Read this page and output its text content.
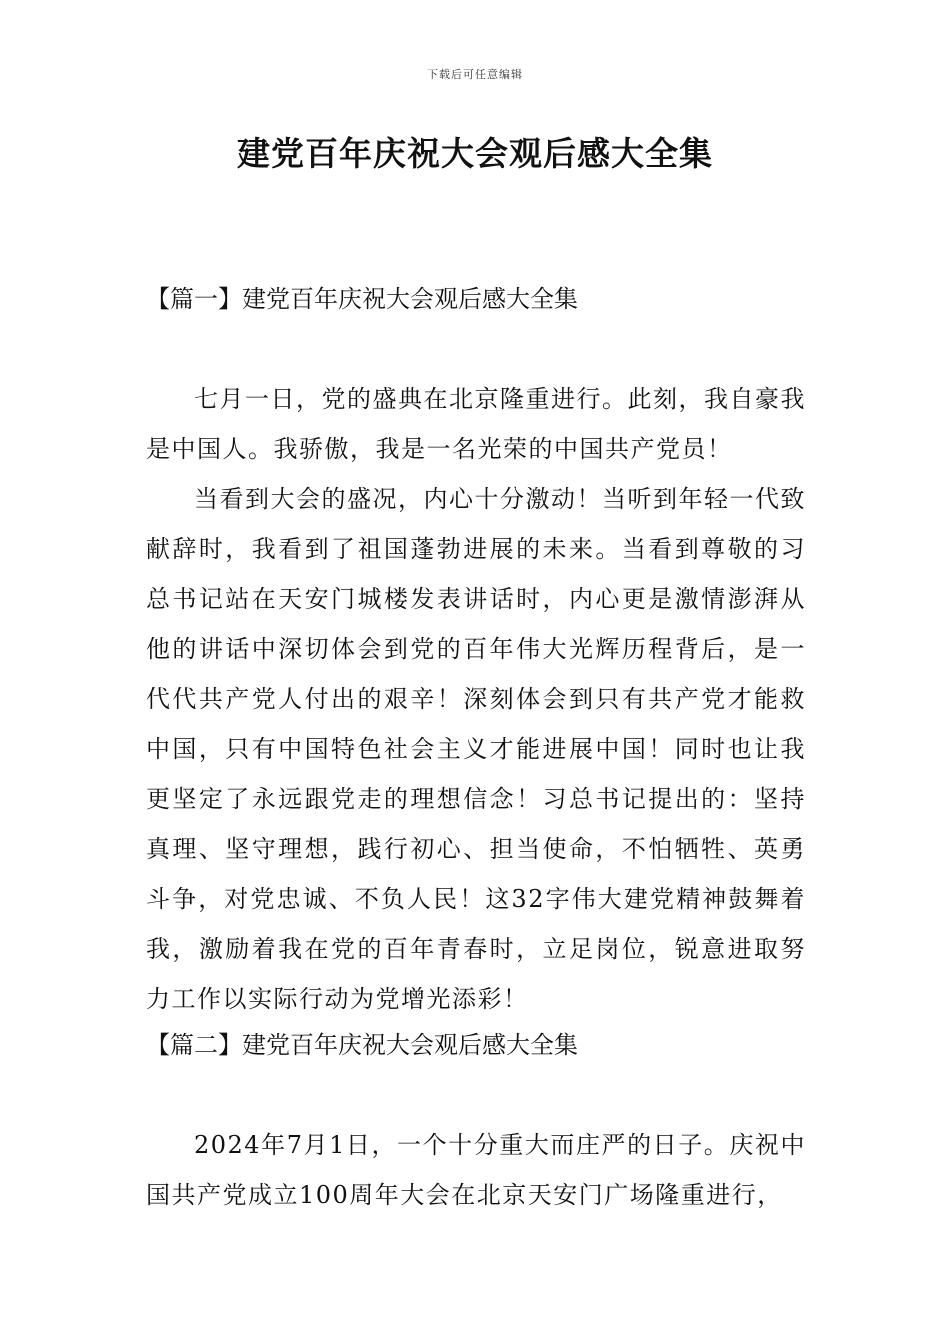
下载后可任意编辑
建党百年庆祝大会观后感大全集
【篇一】建党百年庆祝大会观后感大全集

七月一日，党的盛典在北京隆重进行。此刻，我自豪我是中国人。我骄傲，我是一名光荣的中国共产党员！

当看到大会的盛况，内心十分激动！当听到年轻一代致献辞时，我看到了祖国蓬勃进展的未来。当看到尊敬的习总书记站在天安门城楼发表讲话时，内心更是激情澎湃从他的讲话中深切体会到党的百年伟大光辉历程背后，是一代代共产党人付出的艰辛！深刻体会到只有共产党才能救中国，只有中国特色社会主义才能进展中国！同时也让我更坚定了永远跟党走的理想信念！习总书记提出的：坚持真理、坚守理想，践行初心、担当使命，不怕牺牲、英勇斗争，对党忠诚、不负人民！这32字伟大建党精神鼓舞着我，激励着我在党的百年青春时，立足岗位，锐意进取努力工作以实际行动为党增光添彩！

【篇二】建党百年庆祝大会观后感大全集

2024年7月1日，一个十分重大而庄严的日子。庆祝中国共产党成立100周年大会在北京天安门广场隆重进行，
